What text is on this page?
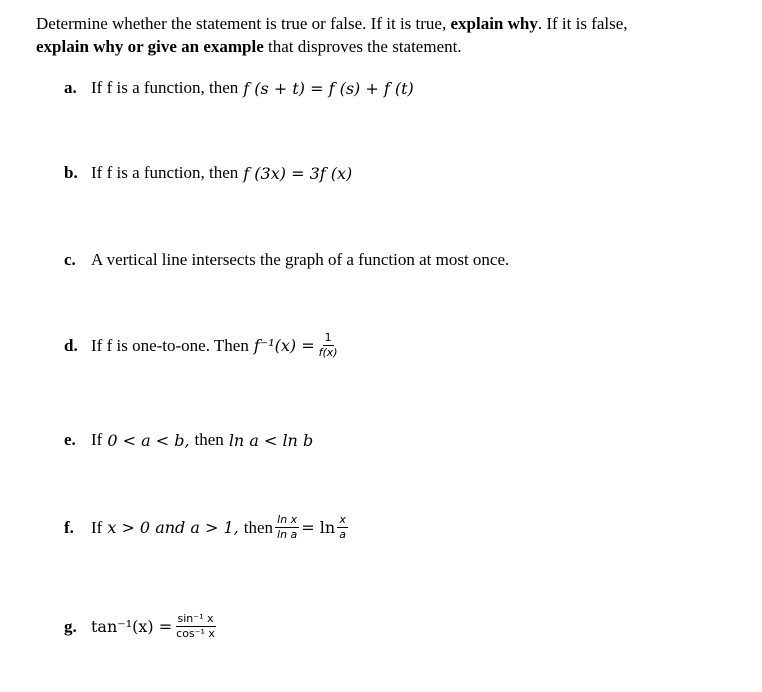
Determine whether the statement is true or false. If it is true, explain why. If it is false,
explain why or give an example that disproves the statement.
a. If f is a function, then f (s + t) = f (s) + f (t)
b. If f is a function, then f (3x) = 3f (x)
c. A vertical line intersects the graph of a function at most once.
d. If f is one-to-one. Then $f^{-1}(x) = \frac{1}{f(x)}$
e. If 0 < a < b, then ln a < ln b
f.	If x > 0 and a > 1, then $\frac{\text{ln x}}{\text{ln a}} = \ln \frac{x}{a}$
g. $\tan^{-1}(x) = \frac{\text{sin⁻¹ x}}{\text{cos⁻¹ x}}$
